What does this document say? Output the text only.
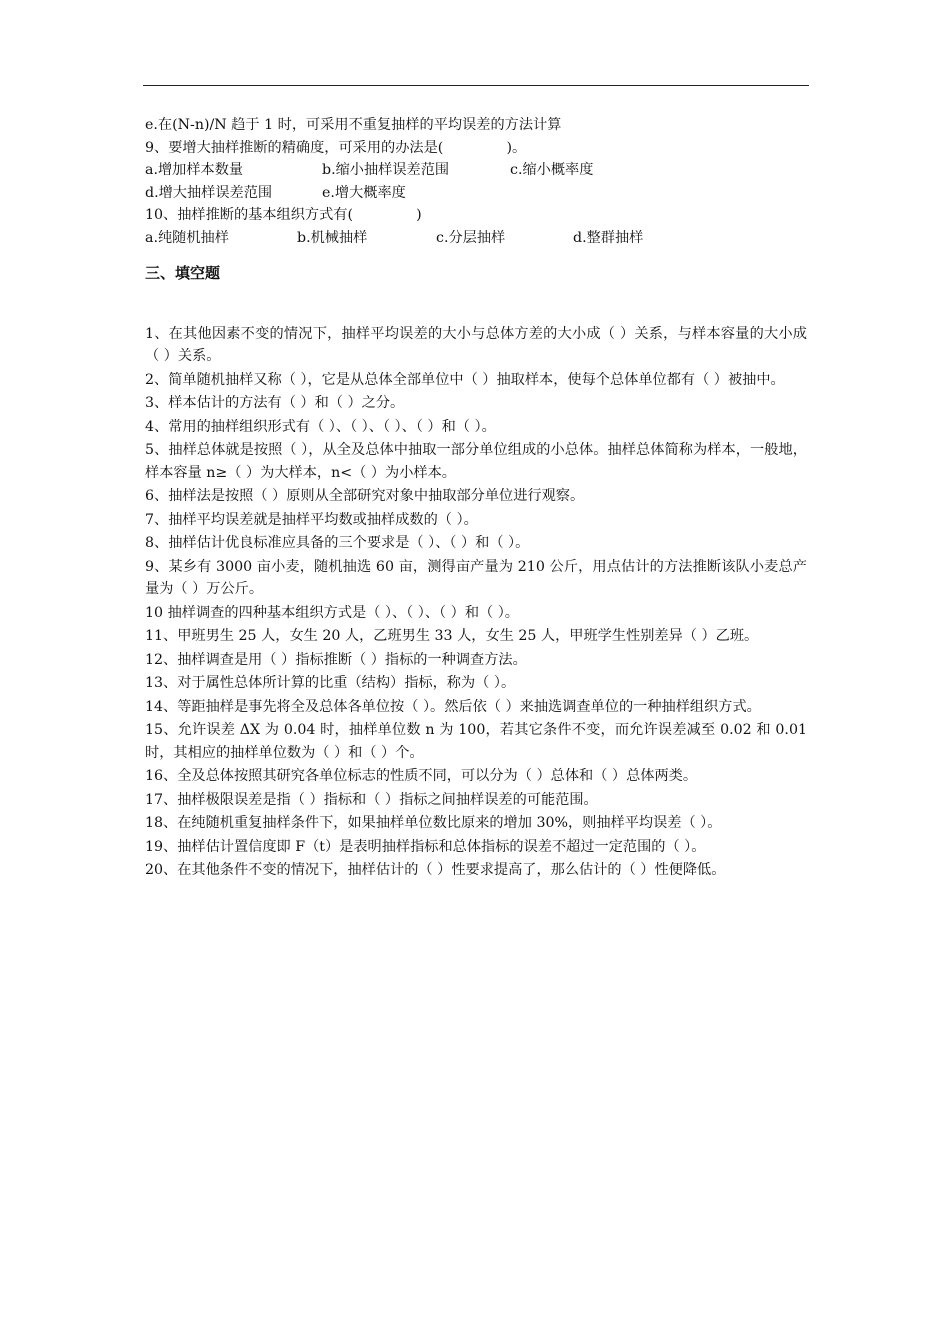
e.在(N-n)/N 趋于 1 时，可采用不重复抽样的平均误差的方法计算
9、要增大抽样推断的精确度，可采用的办法是(              )。
a.增加样本数量	b.缩小抽样误差范围	c.缩小概率度
d.增大抽样误差范围	e.增大概率度
10、抽样推断的基本组织方式有(              )
a.纯随机抽样	b.机械抽样	c.分层抽样	d.整群抽样
三、填空题
1、在其他因素不变的情况下，抽样平均误差的大小与总体方差的大小成（ ）关系，与样本容量的大小成（ ）关系。
2、简单随机抽样又称（ ），它是从总体全部单位中（ ）抽取样本，使每个总体单位都有（ ）被抽中。
3、样本估计的方法有（ ）和（ ）之分。
4、常用的抽样组织形式有（ ）、（ ）、（ ）、（ ）和（ ）。
5、抽样总体就是按照（ ），从全及总体中抽取一部分单位组成的小总体。抽样总体简称为样本，一般地，样本容量 n≥（ ）为大样本，n<（ ）为小样本。
6、抽样法是按照（ ）原则从全部研究对象中抽取部分单位进行观察。
7、抽样平均误差就是抽样平均数或抽样成数的（ ）。
8、抽样估计优良标准应具备的三个要求是（ ）、（ ）和（ ）。
9、某乡有 3000 亩小麦，随机抽选 60 亩，测得亩产量为 210 公斤，用点估计的方法推断该队小麦总产量为（ ）万公斤。
10 抽样调查的四种基本组织方式是（ ）、（ ）、（ ）和（ ）。
11、甲班男生 25 人，女生 20 人，乙班男生 33 人，女生 25 人，甲班学生性别差异（ ）乙班。
12、抽样调查是用（ ）指标推断（ ）指标的一种调查方法。
13、对于属性总体所计算的比重（结构）指标，称为（ ）。
14、等距抽样是事先将全及总体各单位按（ ）。然后依（ ）来抽选调查单位的一种抽样组织方式。
15、允许误差 ΔX 为 0.04 时，抽样单位数 n 为 100，若其它条件不变，而允许误差减至 0.02 和 0.01 时，其相应的抽样单位数为（ ）和（ ）个。
16、全及总体按照其研究各单位标志的性质不同，可以分为（ ）总体和（ ）总体两类。
17、抽样极限误差是指（ ）指标和（ ）指标之间抽样误差的可能范围。
18、在纯随机重复抽样条件下，如果抽样单位数比原来的增加 30%，则抽样平均误差（ ）。
19、抽样估计置信度即 F（t）是表明抽样指标和总体指标的误差不超过一定范围的（ ）。
20、在其他条件不变的情况下，抽样估计的（ ）性要求提高了，那么估计的（ ）性便降低。
